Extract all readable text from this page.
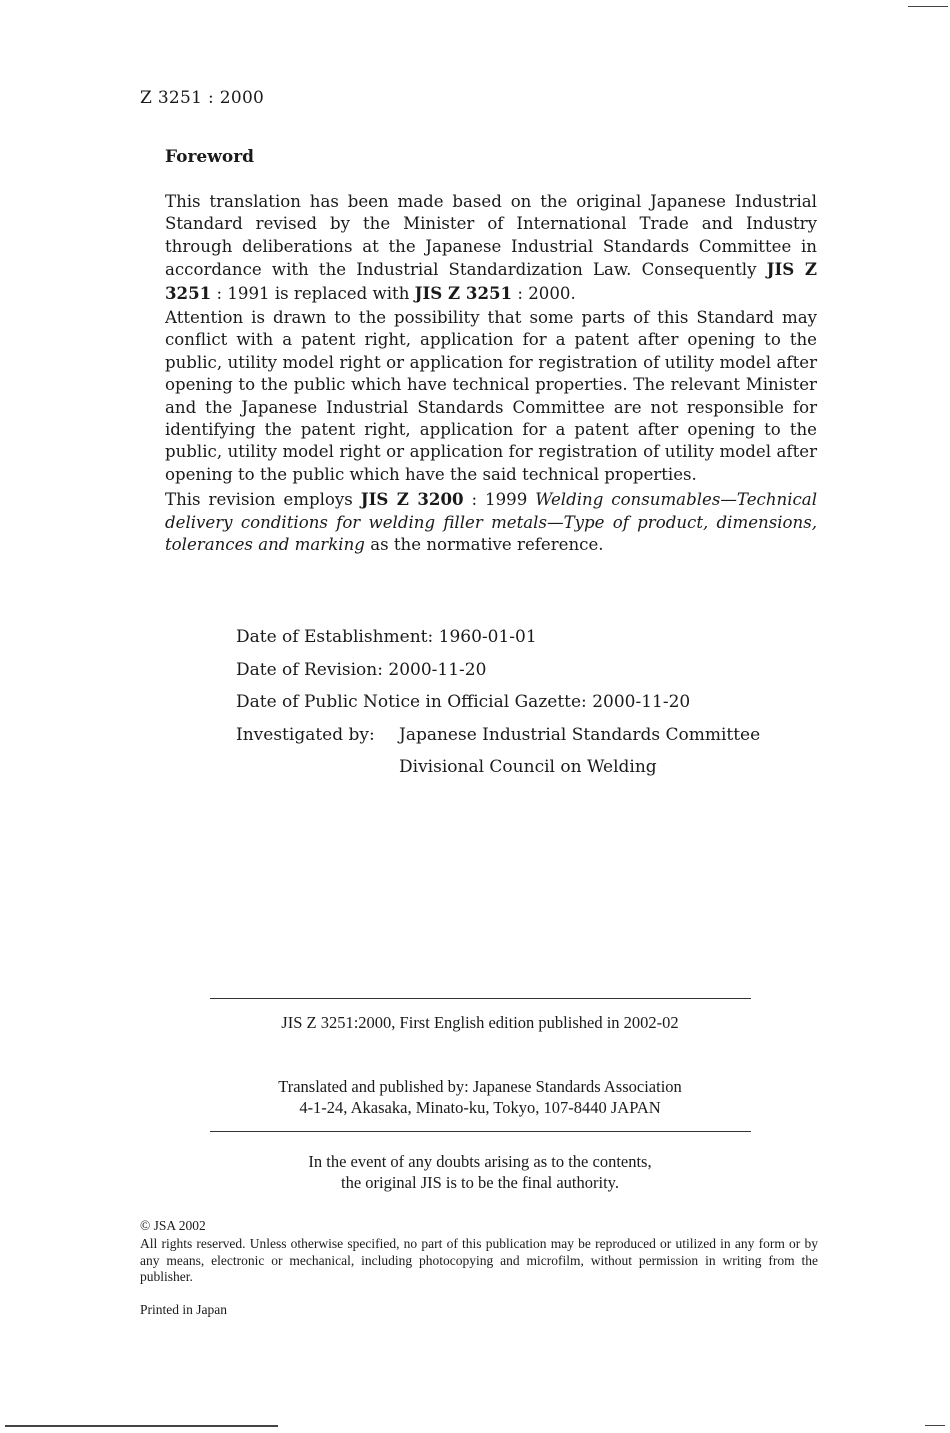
Z 3251 : 2000
Foreword

This translation has been made based on the original Japanese Industrial Standard revised by the Minister of International Trade and Industry through deliberations at the Japanese Industrial Standards Committee in accordance with the Industrial Standardization Law. Consequently JIS Z 3251 : 1991 is replaced with JIS Z 3251 : 2000.

Attention is drawn to the possibility that some parts of this Standard may conflict with a patent right, application for a patent after opening to the public, utility model right or application for registration of utility model after opening to the public which have technical properties. The relevant Minister and the Japanese Industrial Standards Committee are not responsible for identifying the patent right, application for a patent after opening to the public, utility model right or application for registration of utility model after opening to the public which have the said technical properties.

This revision employs JIS Z 3200 : 1999 Welding consumables—Technical delivery conditions for welding filler metals—Type of product, dimensions, tolerances and marking as the normative reference.

Date of Establishment: 1960-01-01
Date of Revision: 2000-11-20
Date of Public Notice in Official Gazette: 2000-11-20
Investigated by: Japanese Industrial Standards Committee
Divisional Council on Welding
JIS Z 3251:2000, First English edition published in 2002-02
Translated and published by: Japanese Standards Association
4-1-24, Akasaka, Minato-ku, Tokyo, 107-8440 JAPAN
In the event of any doubts arising as to the contents,
the original JIS is to be the final authority.
© JSA 2002
All rights reserved. Unless otherwise specified, no part of this publication may be reproduced or utilized in any form or by any means, electronic or mechanical, including photocopying and microfilm, without permission in writing from the publisher.
Printed in Japan
